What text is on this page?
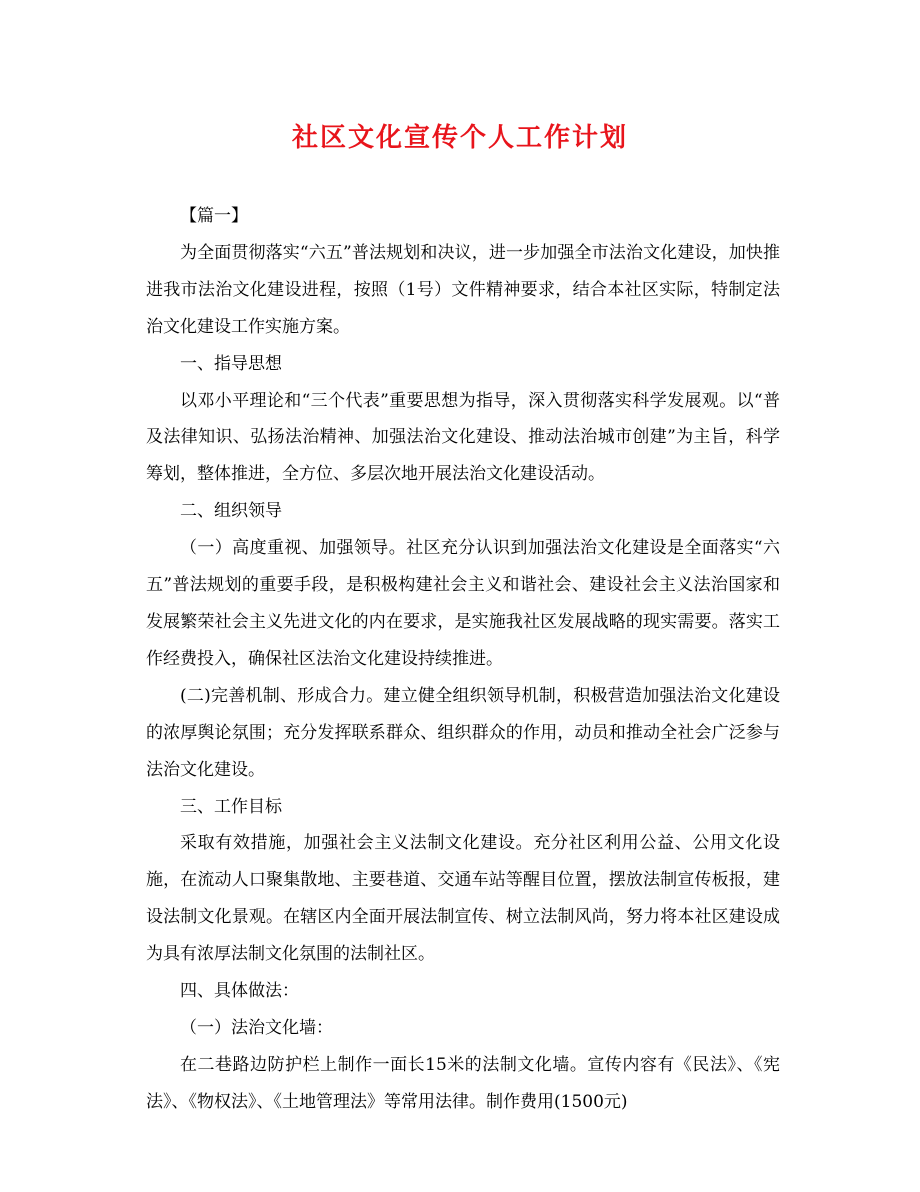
社区文化宣传个人工作计划

【篇一】

为全面贯彻落实“六五”普法规划和决议，进一步加强全市法治文化建设，加快推进我市法治文化建设进程，按照（1号）文件精神要求，结合本社区实际，特制定法治文化建设工作实施方案。

一、指导思想

以邓小平理论和“三个代表”重要思想为指导，深入贯彻落实科学发展观。以“普及法律知识、弘扬法治精神、加强法治文化建设、推动法治城市创建”为主旨，科学筹划，整体推进，全方位、多层次地开展法治文化建设活动。

二、组织领导

（一）高度重视、加强领导。社区充分认识到加强法治文化建设是全面落实“六五”普法规划的重要手段，是积极构建社会主义和谐社会、建设社会主义法治国家和发展繁荣社会主义先进文化的内在要求，是实施我社区发展战略的现实需要。落实工作经费投入，确保社区法治文化建设持续推进。

(二)完善机制、形成合力。建立健全组织领导机制，积极营造加强法治文化建设的浓厚舆论氛围；充分发挥联系群众、组织群众的作用，动员和推动全社会广泛参与法治文化建设。

三、工作目标

采取有效措施，加强社会主义法制文化建设。充分社区利用公益、公用文化设施，在流动人口聚集散地、主要巷道、交通车站等醒目位置，摆放法制宣传板报，建设法制文化景观。在辖区内全面开展法制宣传、树立法制风尚，努力将本社区建设成为具有浓厚法制文化氛围的法制社区。

四、具体做法：

（一）法治文化墙：

在二巷路边防护栏上制作一面长15米的法制文化墙。宣传内容有《民法》、《宪法》、《物权法》、《土地管理法》等常用法律。制作费用(1500元)
